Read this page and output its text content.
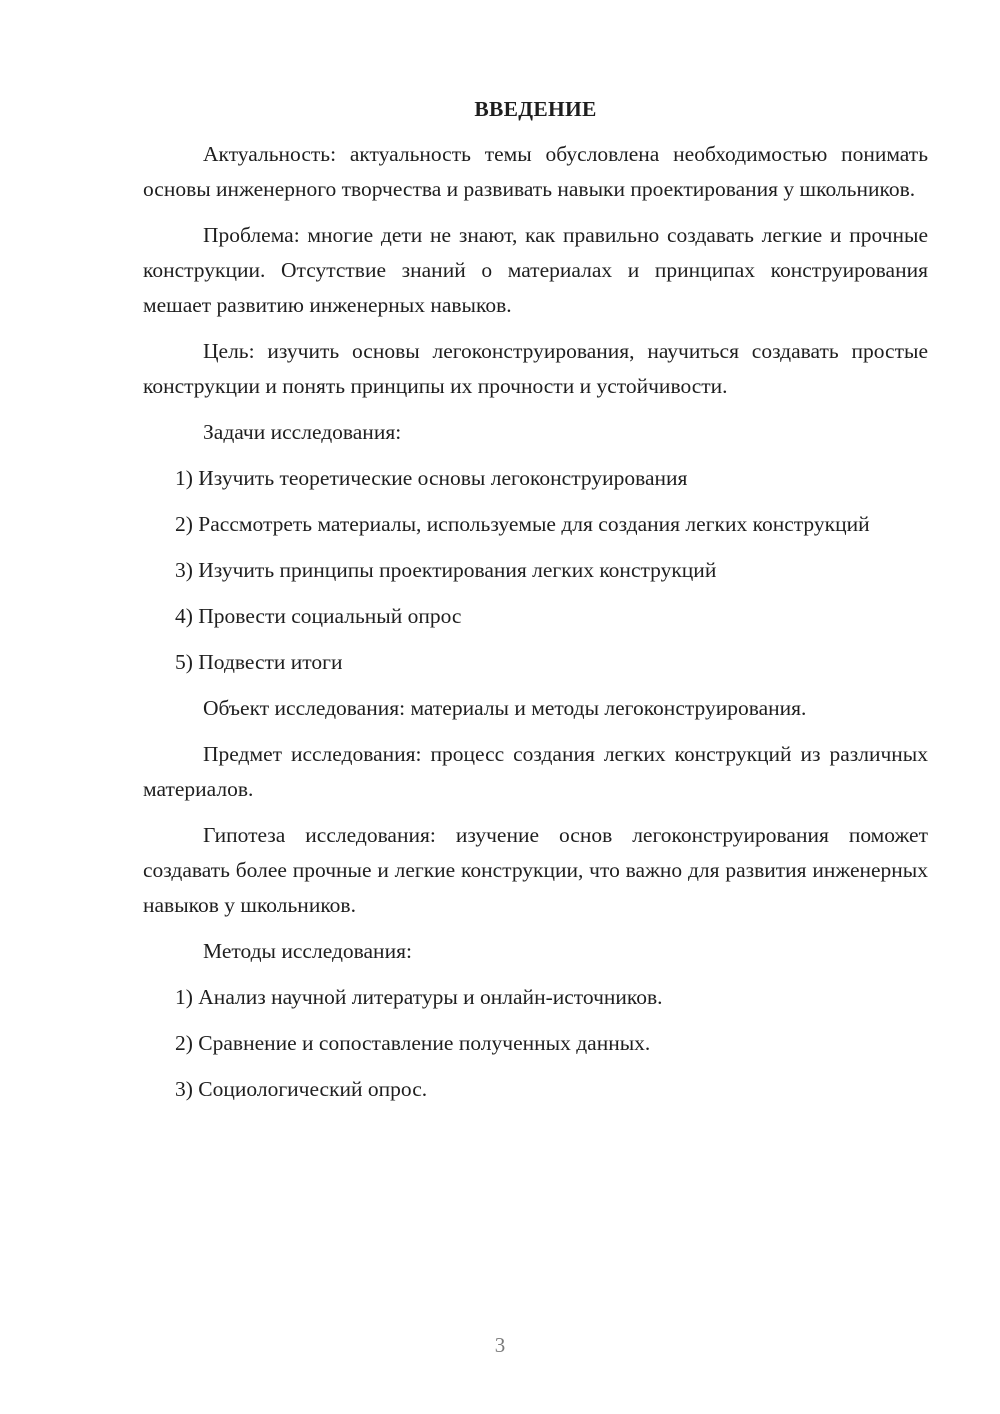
ВВЕДЕНИЕ

Актуальность: актуальность темы обусловлена необходимостью понимать основы инженерного творчества и развивать навыки проектирования у школьников.

Проблема: многие дети не знают, как правильно создавать легкие и прочные конструкции. Отсутствие знаний о материалах и принципах конструирования мешает развитию инженерных навыков.

Цель: изучить основы легоконструирования, научиться создавать простые конструкции и понять принципы их прочности и устойчивости.

Задачи исследования:

1) Изучить теоретические основы легоконструирования

2) Рассмотреть материалы, используемые для создания легких конструкций

3) Изучить принципы проектирования легких конструкций

4) Провести социальный опрос

5) Подвести итоги

Объект исследования: материалы и методы легоконструирования.

Предмет исследования: процесс создания легких конструкций из различных материалов.

Гипотеза исследования: изучение основ легоконструирования поможет создавать более прочные и легкие конструкции, что важно для развития инженерных навыков у школьников.

Методы исследования:

1) Анализ научной литературы и онлайн-источников.

2) Сравнение и сопоставление полученных данных.

3) Социологический опрос.

3
